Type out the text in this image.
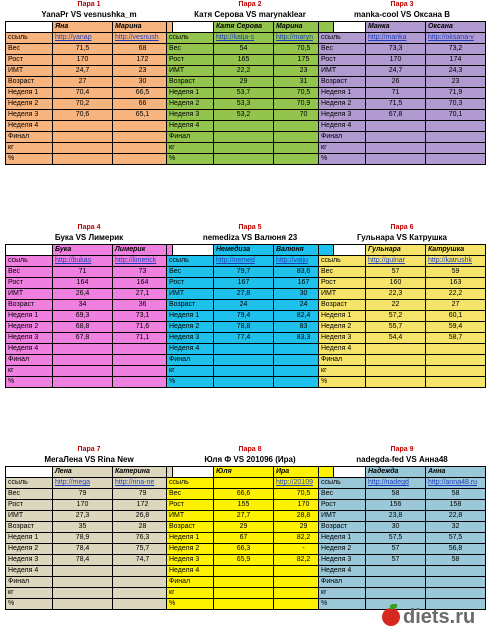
Пара 1
YanaPr VS vesnushka_m
	Яна	Марина
ссыль	http://yanap	http://vesnush
Вес	71,5	68
Рост	170	172
ИМТ	24,7	23
Возраст	27	30
Неделя 1	70,4	66,5
Неделя 2	70,2	66
Неделя 3	70,6	65,1
Неделя 4		
Финал		
кг		
%		
Пара 2
Катя Серова VS marynaklear
	Катя Серова	Марина
ссыль	http://katja-s	http://maryn
Вес	54	70,5
Рост	165	175
ИМТ	22,2	23
Возраст	29	31
Неделя 1	53,7	70,5
Неделя 2	53,3	70,9
Неделя 3	53,2	70
Неделя 4		
Финал		
кг		
%		
Пара 3
manka-cool VS Оксана В
	Манка	Оксана
ссыль	http://manka	http://oksana-v
Вес	73,3	73,2
Рост	170	174
ИМТ	24,7	24,3
Возраст	26	23
Неделя 1	71	71,9
Неделя 2	71,5	70,3
Неделя 3	67,8	70,1
Неделя 4		
Финал		
кг		
%		
Пара 4
Бука VS Лимерик
	Бука	Лимерик
ссыль	http://bukas	http://limerick
Вес	71	73
Рост	164	164
ИМТ	26,4	27,1
Возраст	34	36
Неделя 1	69,3	73,1
Неделя 2	68,8	71,6
Неделя 3	67,8	71,1
Неделя 4		
Финал		
кг		
%		
Пара 5
nemediza VS Валюня 23
	Немедиза	Валюня
ссыль	http://nemed	http://valju
Вес	79,7	83,6
Рост	167	167
ИМТ	27,8	30
Возраст	24	24
Неделя 1	79,4	82,4
Неделя 2	78,8	83
Неделя 3	77,4	83,3
Неделя 4		
Финал		
кг		
%		
Пара 6
Гульнара VS Катрушка
	Гульнара	Катрушка
ссыль	http://gulnar	http://katrushk
Вес	57	59
Рост	160	163
ИМТ	22,3	22,2
Возраст	22	27
Неделя 1	57,2	60,1
Неделя 2	55,7	59,4
Неделя 3	54,4	58,7
Неделя 4		
Финал		
кг		
%		
Пара 7
МегаЛена VS Rina New
	Лена	Катерина
ссыль	http://mega	http://rina-ne
Вес	79	79
Рост	170	172
ИМТ	27,3	26,8
Возраст	35	28
Неделя 1	78,9	76,3
Неделя 2	78,4	75,7
Неделя 3	78,4	74,7
Неделя 4		
Финал		
кг		
%		
Пара 8
Юля Ф VS 201096 (Ира)
	Юля	Ира
ссыль		http://20109
Вес	66,6	70,5
Рост	155	170
ИМТ	27,7	28,8
Возраст	29	29
Неделя 1	67	82,2
Неделя 2	66,3	-
Неделя 3	65,9	82,2
Неделя 4		
Финал		
кг		
%		
Пара 9
nadegda-fed VS Анна48
	Надежда	Анна
ссыль	http://nadegd	http://anna48.ru
Вес	58	58
Рост	156	158
ИМТ	23,8	22,8
Возраст	30	32
Неделя 1	57,5	57,5
Неделя 2	57	56,8
Неделя 3	57	58
Неделя 4		
Финал		
кг		
%		
diets.ru
